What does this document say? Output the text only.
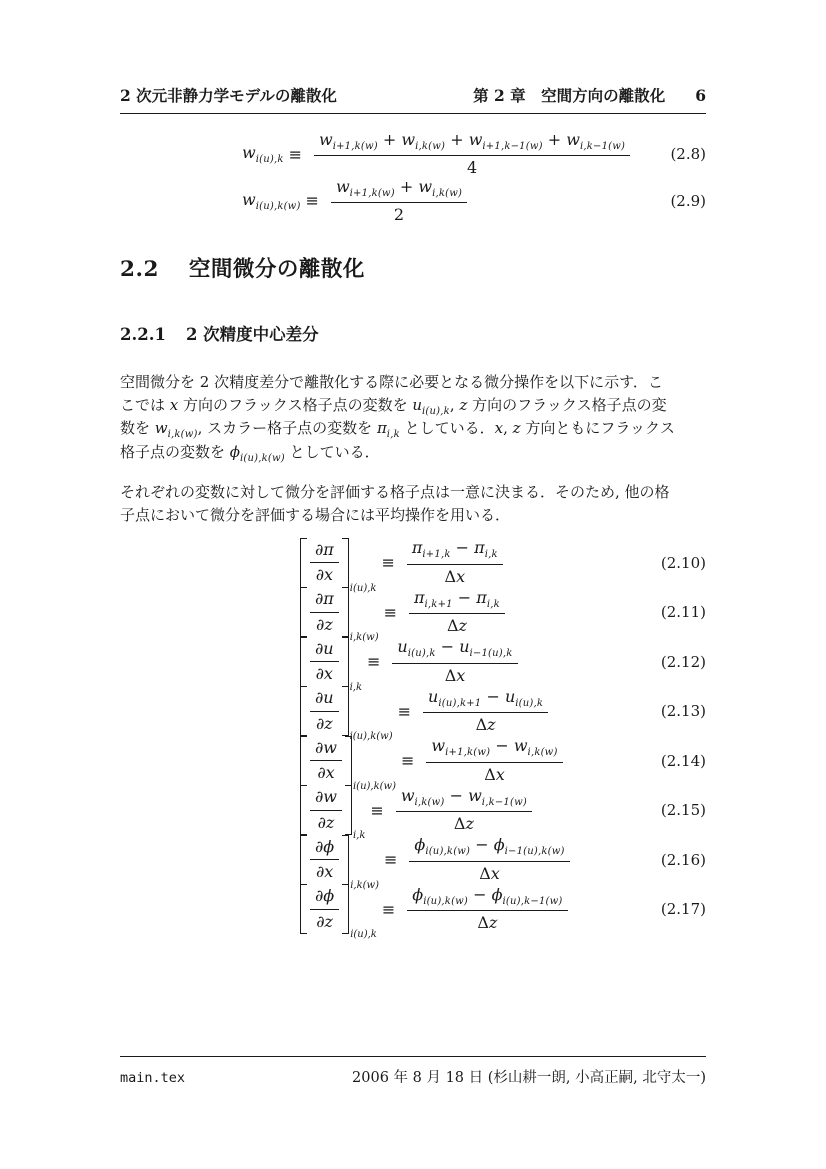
2 次元非静力学モデルの離散化	第 2 章　空間方向の離散化 6
$w_{i(u),k} \equiv \frac{w_{i+1,k(w)} + w_{i,k(w)} + w_{i+1,k-1(w)} + w_{i,k-1(w)}}{4}$	(2.8)
$w_{i(u),k(w)} \equiv \frac{w_{i+1,k(w)} + w_{i,k(w)}}{2}$	(2.9)
2.2 空間微分の離散化
2.2.1 2 次精度中心差分
空間微分を 2 次精度差分で離散化する際に必要となる微分操作を以下に示す．こ
こでは x 方向のフラックス格子点の変数を $u_{i(u),k}$, z 方向のフラックス格子点の変
数を $w_{i,k(w)}$, スカラー格子点の変数を $\pi_{i,k}$ としている．x, z 方向ともにフラックス
格子点の変数を $\phi_{i(u),k(w)}$ としている．
それぞれの変数に対して微分を評価する格子点は一意に決まる．そのため, 他の格
子点において微分を評価する場合には平均操作を用いる．
$\frac{\partial\pi}{\partial x}$
i(u),k
≡ $\frac{\pi_{i+1,k} - \pi_{i,k}}{\Delta x}$	(2.10)
$\frac{\partial\pi}{\partial z}$
i,k(w)
≡ $\frac{\pi_{i,k+1} - \pi_{i,k}}{\Delta z}$	(2.11)
$\frac{\partial u}{\partial x}$
i,k
≡ $\frac{u_{i(u),k} - u_{i-1(u),k}}{\Delta x}$	(2.12)
$\frac{\partial u}{\partial z}$
i(u),k(w)
≡ $\frac{u_{i(u),k+1} - u_{i(u),k}}{\Delta z}$	(2.13)
$\frac{\partial w}{\partial x}$
i(u),k(w)
≡ $\frac{w_{i+1,k(w)} - w_{i,k(w)}}{\Delta x}$	(2.14)
$\frac{\partial w}{\partial z}$
i,k
≡ $\frac{w_{i,k(w)} - w_{i,k-1(w)}}{\Delta z}$	(2.15)
$\frac{\partial\phi}{\partial x}$
i,k(w)
≡ $\frac{\phi_{i(u),k(w)} - \phi_{i-1(u),k(w)}}{\Delta x}$	(2.16)
$\frac{\partial\phi}{\partial z}$
i(u),k
≡ $\frac{\phi_{i(u),k(w)} - \phi_{i(u),k-1(w)}}{\Delta z}$	(2.17)
main.tex	2006 年 8 月 18 日 (杉山耕一朗, 小高正嗣, 北守太一)
